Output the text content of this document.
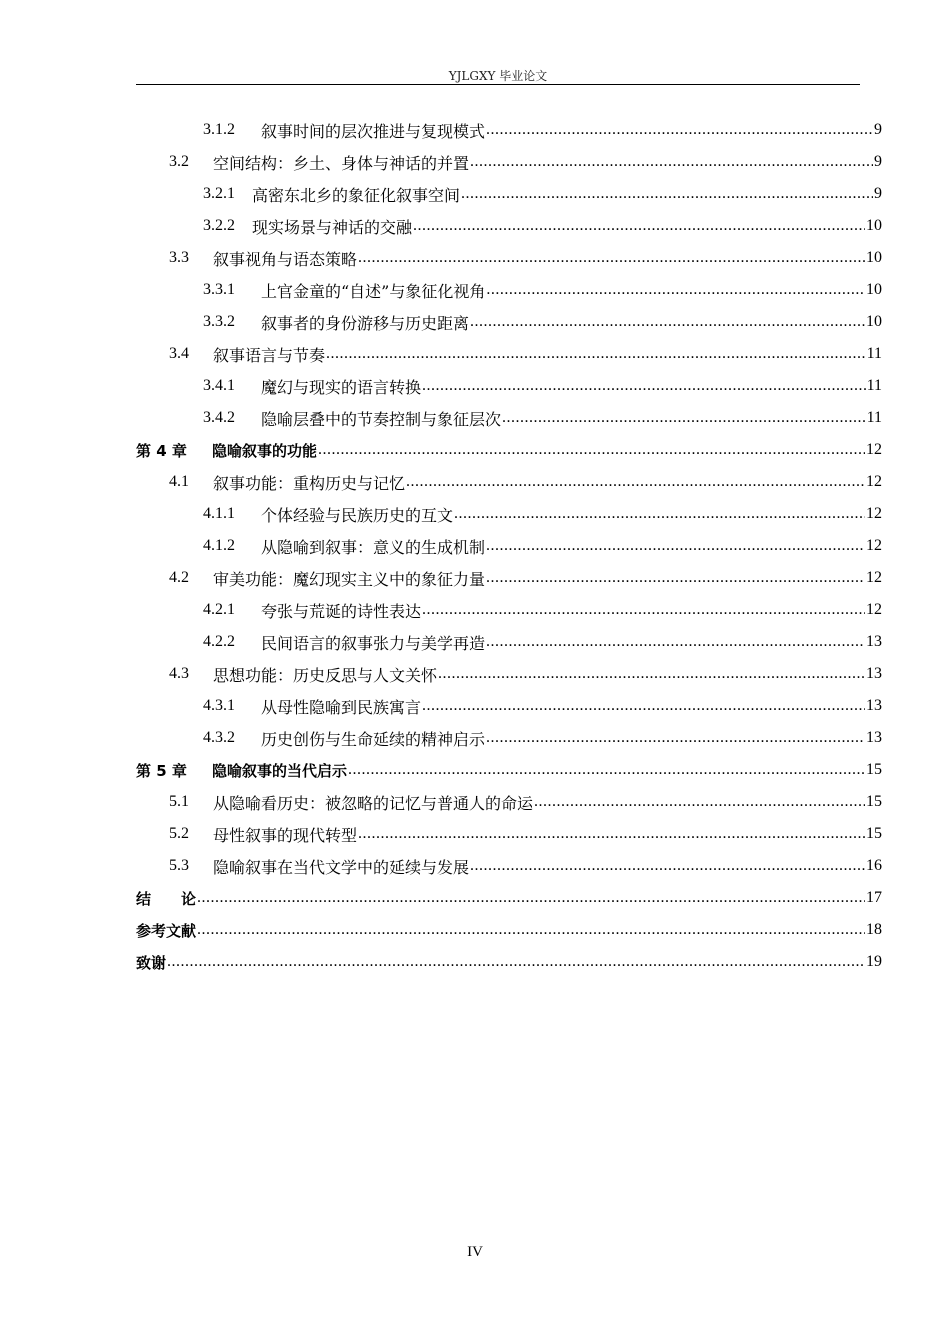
YJLGXY 毕业论文
3.1.2	叙事时间的层次推进与复现模式 .....	9
3.2	空间结构：乡土、身体与神话的并置 .....	9
3.2.1	高密东北乡的象征化叙事空间 .....	9
3.2.2	现实场景与神话的交融 .....	10
3.3	叙事视角与语态策略 .....	10
3.3.1	上官金童的“自述”与象征化视角 .....	10
3.3.2	叙事者的身份游移与历史距离 .....	10
3.4	叙事语言与节奏 .....	11
3.4.1	魔幻与现实的语言转换 .....	11
3.4.2	隐喻层叠中的节奏控制与象征层次 .....	11
第 4 章	隐喻叙事的功能 .....	12
4.1	叙事功能：重构历史与记忆 .....	12
4.1.1	个体经验与民族历史的互文 .....	12
4.1.2	从隐喻到叙事：意义的生成机制 .....	12
4.2	审美功能：魔幻现实主义中的象征力量 .....	12
4.2.1	夸张与荒诞的诗性表达 .....	12
4.2.2	民间语言的叙事张力与美学再造 .....	13
4.3	思想功能：历史反思与人文关怀 .....	13
4.3.1	从母性隐喻到民族寓言 .....	13
4.3.2	历史创伤与生命延续的精神启示 .....	13
第 5 章	隐喻叙事的当代启示 .....	15
5.1	从隐喻看历史：被忽略的记忆与普通人的命运 .....	15
5.2	母性叙事的现代转型 .....	15
5.3	隐喻叙事在当代文学中的延续与发展 .....	16
结　　论 .....	17
参考文献 .....	18
致谢 .....	19
IV
